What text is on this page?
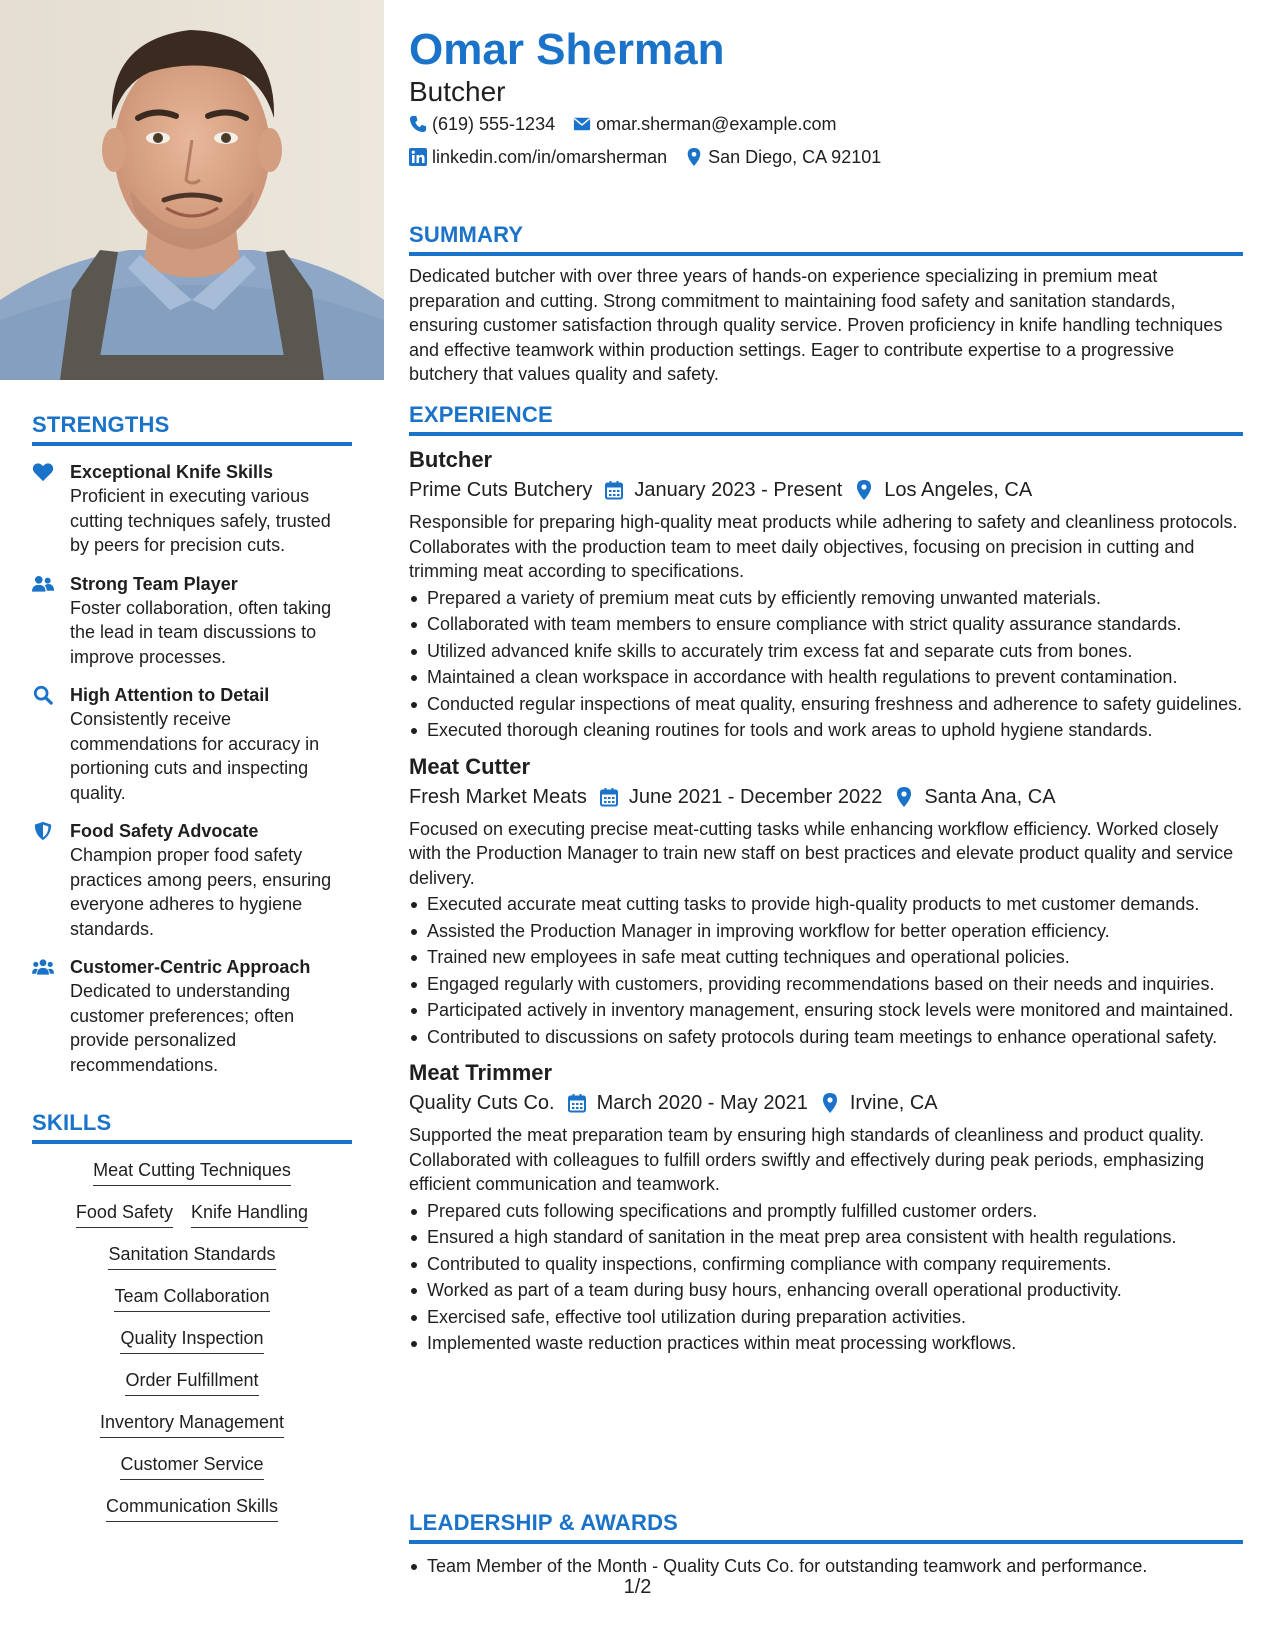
STRENGTHS
Exceptional Knife Skills
Proficient in executing various cutting techniques safely, trusted by peers for precision cuts.
Strong Team Player
Foster collaboration, often taking the lead in team discussions to improve processes.
High Attention to Detail
Consistently receive commendations for accuracy in portioning cuts and inspecting quality.
Food Safety Advocate
Champion proper food safety practices among peers, ensuring everyone adheres to hygiene standards.
Customer-Centric Approach
Dedicated to understanding customer preferences; often provide personalized recommendations.
SKILLS
Meat Cutting Techniques
Food Safety Knife Handling
Sanitation Standards
Team Collaboration
Quality Inspection
Order Fulfillment
Inventory Management
Customer Service
Communication Skills
Omar Sherman
Butcher
(619) 555-1234 omar.sherman@example.com
linkedin.com/in/omarsherman San Diego, CA 92101
SUMMARY

Dedicated butcher with over three years of hands-on experience specializing in premium meat preparation and cutting. Strong commitment to maintaining food safety and sanitation standards, ensuring customer satisfaction through quality service. Proven proficiency in knife handling techniques and effective teamwork within production settings. Eager to contribute expertise to a progressive butchery that values quality and safety.

EXPERIENCE
Butcher
Prime Cuts Butchery January 2023 - Present Los Angeles, CA
Responsible for preparing high-quality meat products while adhering to safety and cleanliness protocols. Collaborates with the production team to meet daily objectives, focusing on precision in cutting and trimming meat according to specifications.
Prepared a variety of premium meat cuts by efficiently removing unwanted materials.
Collaborated with team members to ensure compliance with strict quality assurance standards.
Utilized advanced knife skills to accurately trim excess fat and separate cuts from bones.
Maintained a clean workspace in accordance with health regulations to prevent contamination.
Conducted regular inspections of meat quality, ensuring freshness and adherence to safety guidelines.
Executed thorough cleaning routines for tools and work areas to uphold hygiene standards.
Meat Cutter
Fresh Market Meats June 2021 - December 2022 Santa Ana, CA
Focused on executing precise meat-cutting tasks while enhancing workflow efficiency. Worked closely with the Production Manager to train new staff on best practices and elevate product quality and service delivery.
Executed accurate meat cutting tasks to provide high-quality products to met customer demands.
Assisted the Production Manager in improving workflow for better operation efficiency.
Trained new employees in safe meat cutting techniques and operational policies.
Engaged regularly with customers, providing recommendations based on their needs and inquiries.
Participated actively in inventory management, ensuring stock levels were monitored and maintained.
Contributed to discussions on safety protocols during team meetings to enhance operational safety.
Meat Trimmer
Quality Cuts Co. March 2020 - May 2021 Irvine, CA
Supported the meat preparation team by ensuring high standards of cleanliness and product quality. Collaborated with colleagues to fulfill orders swiftly and effectively during peak periods, emphasizing efficient communication and teamwork.
Prepared cuts following specifications and promptly fulfilled customer orders.
Ensured a high standard of sanitation in the meat prep area consistent with health regulations.
Contributed to quality inspections, confirming compliance with company requirements.
Worked as part of a team during busy hours, enhancing overall operational productivity.
Exercised safe, effective tool utilization during preparation activities.
Implemented waste reduction practices within meat processing workflows.
LEADERSHIP & AWARDS
Team Member of the Month - Quality Cuts Co. for outstanding teamwork and performance.
1/2
